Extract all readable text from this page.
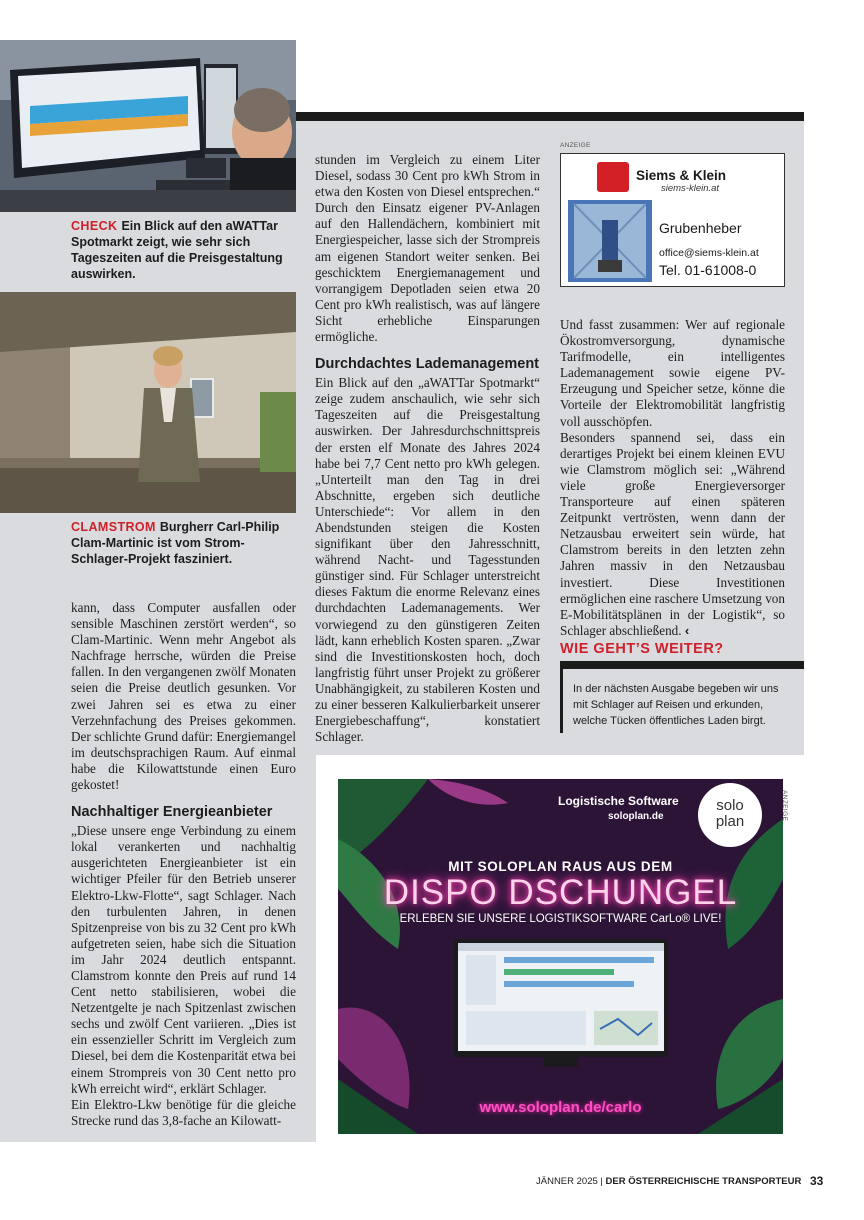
CHECK Ein Blick auf den aWATTar Spotmarkt zeigt, wie sehr sich Tageszeiten auf die Preisgestaltung auswirken.
CLAMSTROM Burgherr Carl-Philip Clam-Martinic ist vom Strom-Schlager-Projekt fasziniert.

kann, dass Computer ausfallen oder sensible Maschinen zerstört werden“, so Clam-Martinic. Wenn mehr Angebot als Nachfrage herrsche, würden die Preise fallen. In den vergangenen zwölf Monaten seien die Preise deutlich gesunken. Vor zwei Jahren sei es etwa zu einer Verzehnfachung des Preises gekommen. Der schlichte Grund dafür: Energiemangel im deutschsprachigen Raum. Auf einmal habe die Kilowattstunde einen Euro gekostet!

Nachhaltiger Energieanbieter

„Diese unsere enge Verbindung zu einem lokal verankerten und nachhaltig ausgerichteten Energieanbieter ist ein wichtiger Pfeiler für den Betrieb unserer Elektro-Lkw-Flotte“, sagt Schlager. Nach den turbulenten Jahren, in denen Spitzenpreise von bis zu 32 Cent pro kWh aufgetreten seien, habe sich die Situation im Jahr 2024 deutlich entspannt. Clamstrom konnte den Preis auf rund 14 Cent netto stabilisieren, wobei die Netzentgelte je nach Spitzenlast zwischen sechs und zwölf Cent variieren. „Dies ist ein essenzieller Schritt im Vergleich zum Diesel, bei dem die Kostenparität etwa bei einem Strompreis von 30 Cent netto pro kWh erreicht wird“, erklärt Schlager.

Ein Elektro-Lkw benötige für die gleiche Strecke rund das 3,8-fache an Kilowatt-

stunden im Vergleich zu einem Liter Diesel, sodass 30 Cent pro kWh Strom in etwa den Kosten von Diesel entsprechen.“ Durch den Einsatz eigener PV-Anlagen auf den Hallendächern, kombiniert mit Energiespeicher, lasse sich der Strompreis am eigenen Standort weiter senken. Bei geschicktem Energiemanagement und vorrangigem Depotladen seien etwa 20 Cent pro kWh realistisch, was auf längere Sicht erhebliche Einsparungen ermögliche.

Durchdachtes Lademanagement

Ein Blick auf den „aWATTar Spotmarkt“ zeige zudem anschaulich, wie sehr sich Tageszeiten auf die Preisgestaltung auswirken. Der Jahresdurchschnittspreis der ersten elf Monate des Jahres 2024 habe bei 7,7 Cent netto pro kWh gelegen. „Unterteilt man den Tag in drei Abschnitte, ergeben sich deutliche Unterschiede“: Vor allem in den Abendstunden steigen die Kosten signifikant über den Jahresschnitt, während Nacht- und Tagesstunden günstiger sind. Für Schlager unterstreicht dieses Faktum die enorme Relevanz eines durchdachten Lademanagements. Wer vorwiegend zu den günstigeren Zeiten lädt, kann erheblich Kosten sparen. „Zwar sind die Investitionskosten hoch, doch langfristig führt unser Projekt zu größerer Unabhängigkeit, zu stabileren Kosten und zu einer besseren Kalkulierbarkeit unserer Energiebeschaffung“, konstatiert Schlager.

ANZEIGE
Siems & Klein
siems-klein.at
Grubenheber
office@siems-klein.at
Tel. 01-61008-0

Und fasst zusammen: Wer auf regionale Ökostromversorgung, dynamische Tarifmodelle, ein intelligentes Lademanagement sowie eigene PV-Erzeugung und Speicher setze, könne die Vorteile der Elektromobilität langfristig voll ausschöpfen.

Besonders spannend sei, dass ein derartiges Projekt bei einem kleinen EVU wie Clamstrom möglich sei: „Während viele große Energieversorger Transporteure auf einen späteren Zeitpunkt vertrösten, wenn dann der Netzausbau erweitert sein würde, hat Clamstrom bereits in den letzten zehn Jahren massiv in den Netzausbau investiert. Diese Investitionen ermöglichen eine raschere Umsetzung von E-Mobilitätsplänen in der Logistik“, so Schlager abschließend. ‹

WIE GEHT’S WEITER?
In der nächsten Ausgabe begeben wir uns mit Schlager auf Reisen und erkunden, welche Tücken öffentliches Laden birgt.
Logistische Software
soloplan.de
solo
plan
MIT SOLOPLAN RAUS AUS DEM
DISPO DSCHUNGEL
ERLEBEN SIE UNSERE LOGISTIKSOFTWARE CarLo® LIVE!
www.soloplan.de/carlo
ANZEIGE
JÄNNER 2025 | DER ÖSTERREICHISCHE TRANSPORTEUR 33
